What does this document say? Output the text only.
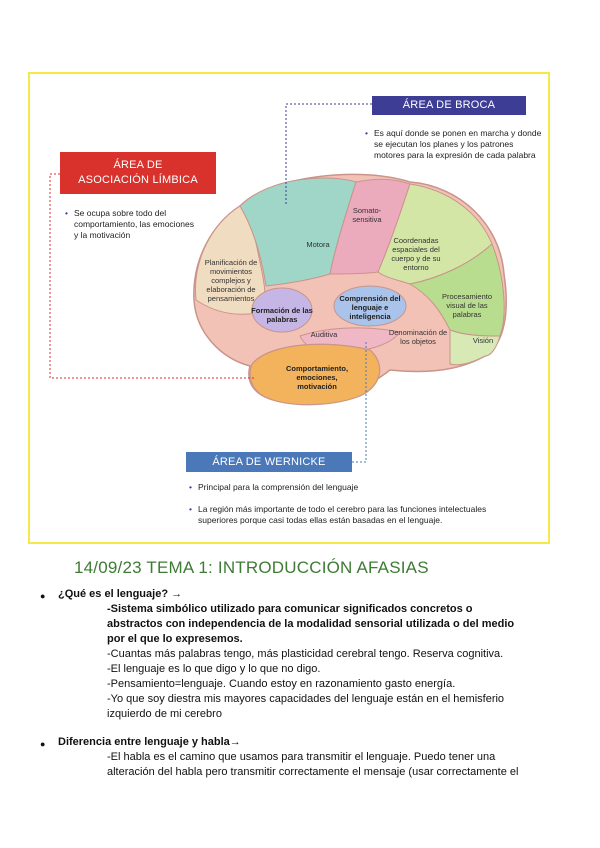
ÁREA DE BROCA
• Es aquí donde se ponen en marcha y donde se ejecutan los planes y los patrones motores para la expresión de cada palabra
ÁREA DE
ASOCIACIÓN LÍMBICA
• Se ocupa sobre todo del comportamiento, las emociones y la motivación
Somato-sensitiva
Motora	Coordenadas espaciales del cuerpo y de su entorno
Planificación de movimientos complejos y elaboración de pensamientos
Formación de las palabras
Comprensión del lenguaje e inteligencia
Procesamiento visual de las palabras
Auditiva	Denominación de los objetos	Visión
Comportamiento, emociones, motivación
ÁREA DE WERNICKE
• Principal para la comprensión del lenguaje
• La región más importante de todo el cerebro para las funciones intelectuales superiores porque casi todas ellas están basadas en el lenguaje.
14/09/23 TEMA 1: INTRODUCCIÓN AFASIAS
● ¿Qué es el lenguaje? →
-Sistema simbólico utilizado para comunicar significados concretos o
abstractos con independencia de la modalidad sensorial utilizada o del medio
por el que lo expresemos.
-Cuantas más palabras tengo, más plasticidad cerebral tengo. Reserva cognitiva.
-El lenguaje es lo que digo y lo que no digo.
-Pensamiento=lenguaje. Cuando estoy en razonamiento gasto energía.
-Yo que soy diestra mis mayores capacidades del lenguaje están en el hemisferio
izquierdo de mi cerebro
● Diferencia entre lenguaje y habla→
-El habla es el camino que usamos para transmitir el lenguaje. Puedo tener una
alteración del habla pero transmitir correctamente el mensaje (usar correctamente el
